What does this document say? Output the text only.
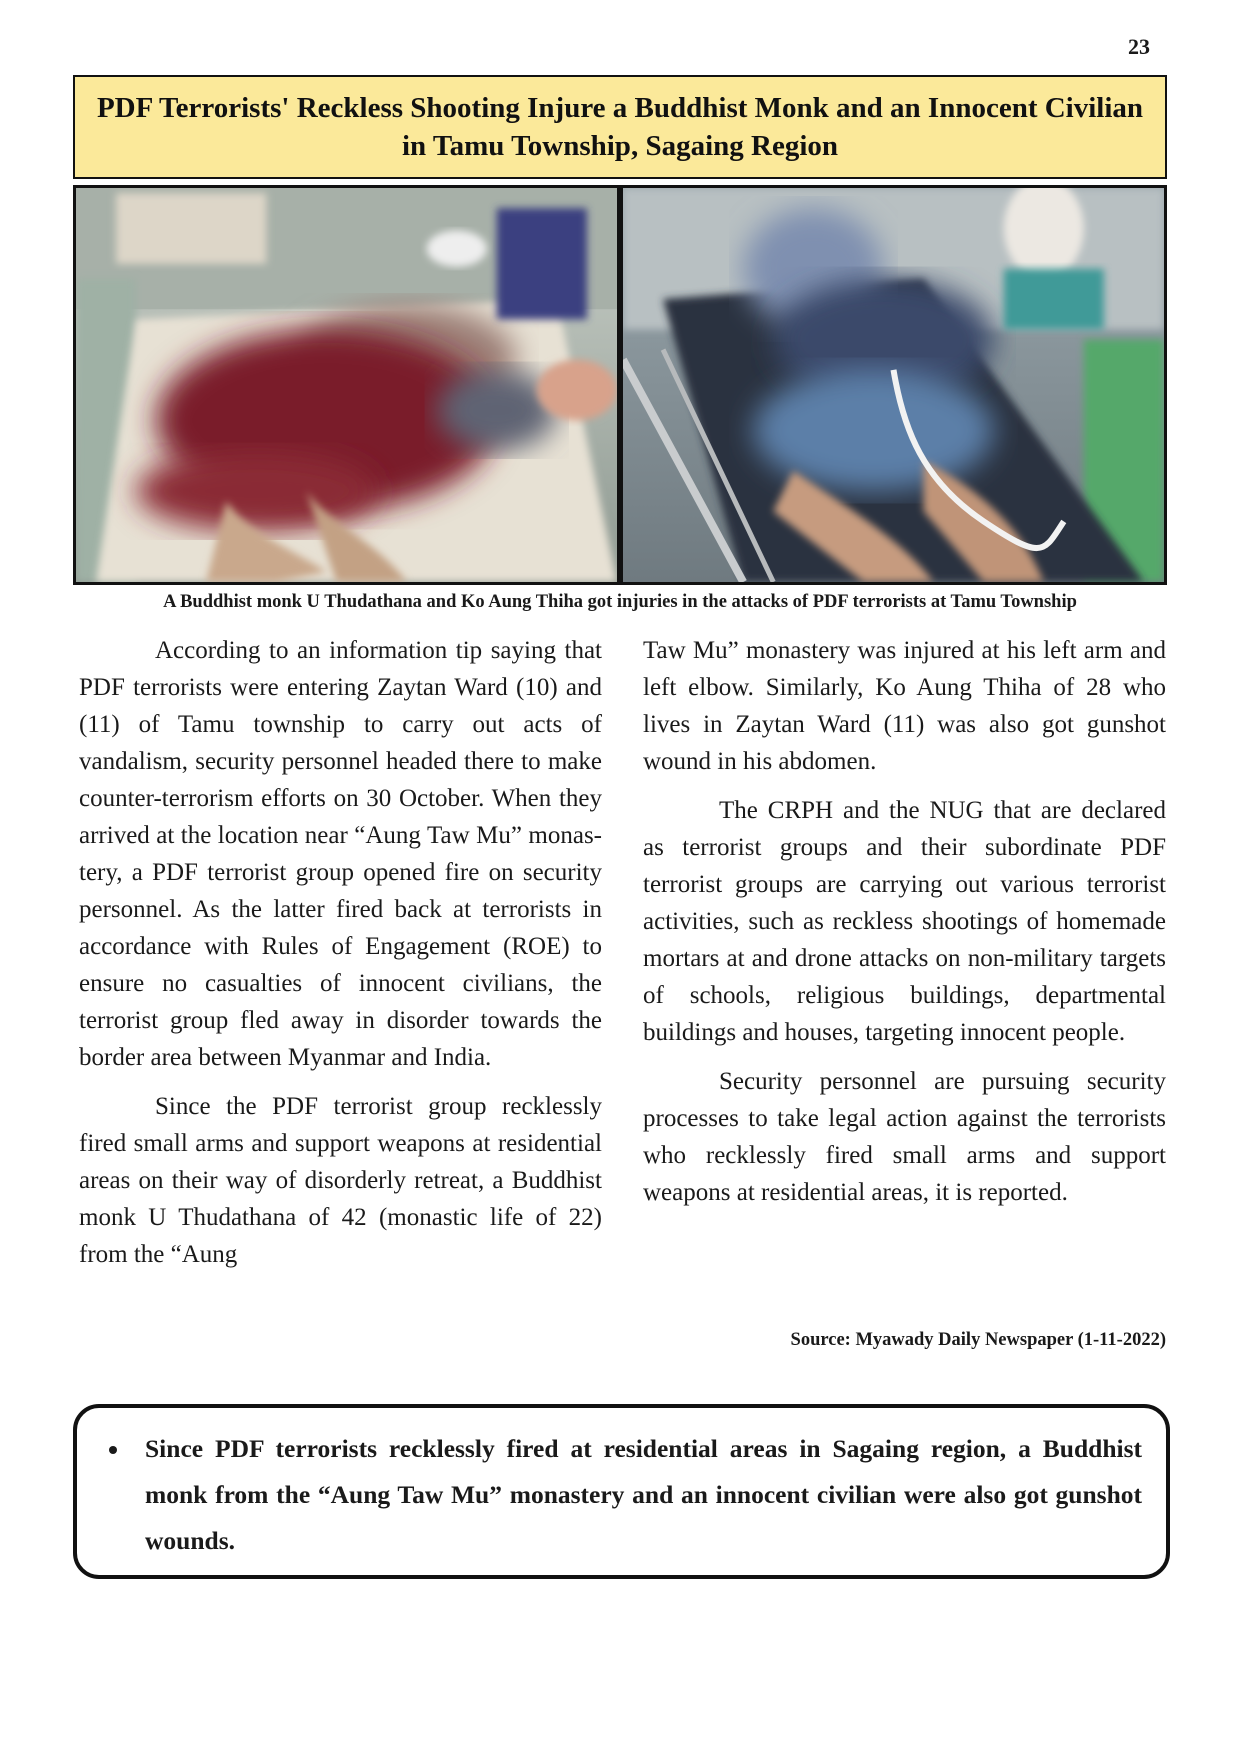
23
PDF Terrorists' Reckless Shooting Injure a Buddhist Monk and an Innocent Civilian in Tamu Township, Sagaing Region
A Buddhist monk U Thudathana and Ko Aung Thiha got injuries in the attacks of PDF terrorists at Tamu Township

According to an information tip saying that PDF terrorists were entering Zaytan Ward (10) and (11) of Tamu township to carry out acts of vandalism, security personnel headed there to make counter-terrorism efforts on 30 October. When they arrived at the location near “Aung Taw Mu” monastery, a PDF terrorist group opened fire on security personnel. As the latter fired back at terrorists in accordance with Rules of Engagement (ROE) to ensure no casualties of innocent civilians, the terrorist group fled away in disorder towards the border area between Myanmar and India.

Since the PDF terrorist group recklessly fired small arms and support weapons at residential areas on their way of disorderly retreat, a Buddhist monk U Thudathana of 42 (monastic life of 22) from the “Aung

Taw Mu” monastery was injured at his left arm and left elbow. Similarly, Ko Aung Thiha of 28 who lives in Zaytan Ward (11) was also got gunshot wound in his abdomen.

The CRPH and the NUG that are declared as terrorist groups and their subordinate PDF terrorist groups are carrying out various terrorist activities, such as reckless shootings of homemade mortars at and drone attacks on non-military targets of schools, religious buildings, departmental buildings and houses, targeting innocent people.

Security personnel are pursuing security processes to take legal action against the terrorists who recklessly fired small arms and support weapons at residential areas, it is reported.

Source: Myawady Daily Newspaper (1-11-2022)
• Since PDF terrorists recklessly fired at residential areas in Sagaing region, a Buddhist monk from the “Aung Taw Mu” monastery and an innocent civilian were also got gunshot wounds.
